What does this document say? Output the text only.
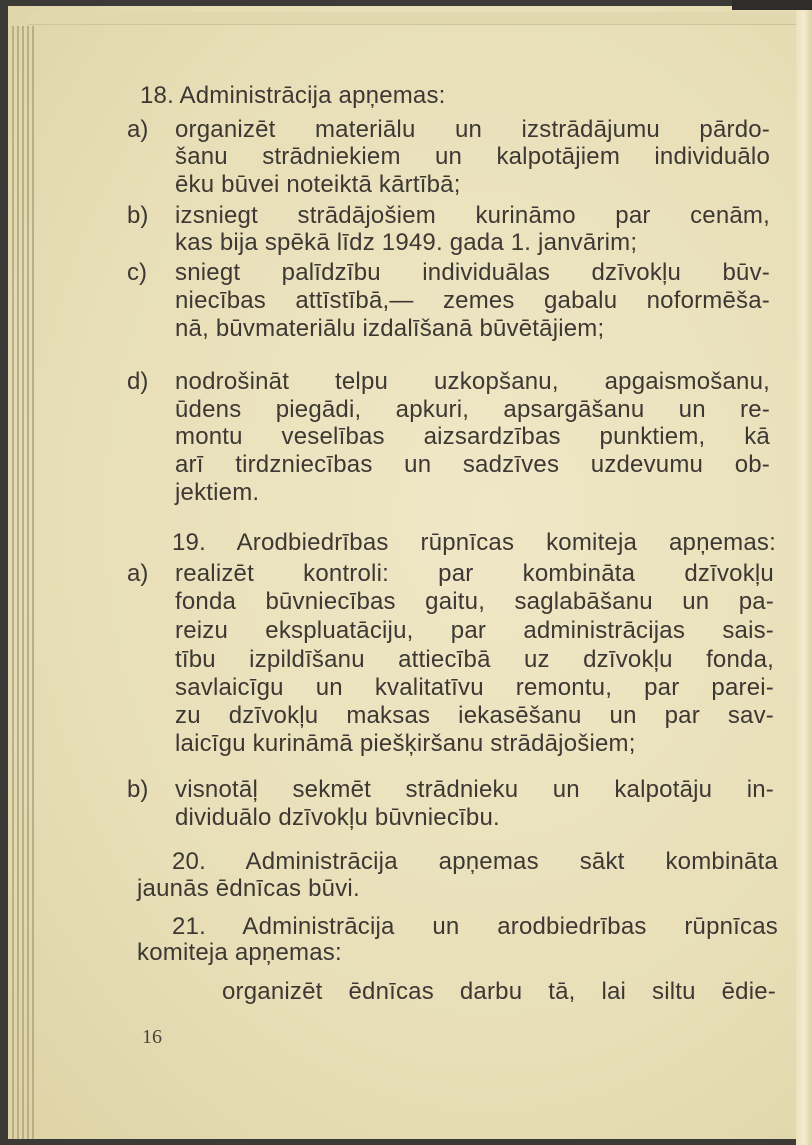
18. Administrācija apņemas:
a) organizēt materiālu un izstrādājumu pārdo-
šanu strādniekiem un kalpotājiem individuālo
ēku būvei noteiktā kārtībā;
b) izsniegt strādājošiem kurināmo par cenām,
kas bija spēkā līdz 1949. gada 1. janvārim;
c) sniegt palīdzību individuālas dzīvokļu būv-
niecības attīstībā,— zemes gabalu noformēša-
nā, būvmateriālu izdalīšanā būvētājiem;
d) nodrošināt telpu uzkopšanu, apgaismošanu,
ūdens piegādi, apkuri, apsargāšanu un re-
montu veselības aizsardzības punktiem, kā
arī tirdzniecības un sadzīves uzdevumu ob-
jektiem.
19. Arodbiedrības rūpnīcas komiteja apņemas:
a) realizēt kontroli: par kombināta dzīvokļu
fonda būvniecības gaitu, saglabāšanu un pa-
reizu ekspluatāciju, par administrācijas sais-
tību izpildīšanu attiecībā uz dzīvokļu fonda,
savlaicīgu un kvalitatīvu remontu, par parei-
zu dzīvokļu maksas iekasēšanu un par sav-
laicīgu kurināmā piešķiršanu strādājošiem;
b) visnotāļ sekmēt strādnieku un kalpotāju in-
dividuālo dzīvokļu būvniecību.
20. Administrācija apņemas sākt kombināta
jaunās ēdnīcas būvi.
21. Administrācija un arodbiedrības rūpnīcas
komiteja apņemas:
organizēt ēdnīcas darbu tā, lai siltu ēdie-
16
